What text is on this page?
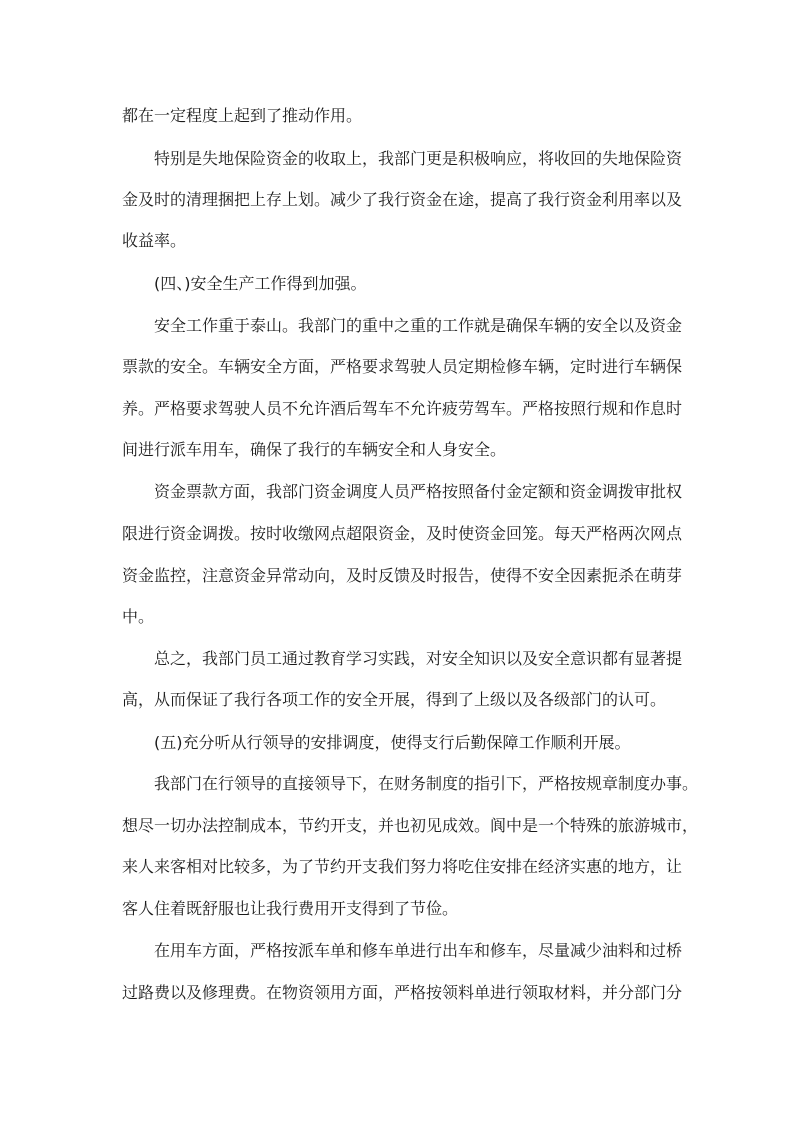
都在一定程度上起到了推动作用。
特别是失地保险资金的收取上，我部门更是积极响应，将收回的失地保险资
金及时的清理捆把上存上划。减少了我行资金在途，提高了我行资金利用率以及
收益率。
(四、)安全生产工作得到加强。
安全工作重于泰山。我部门的重中之重的工作就是确保车辆的安全以及资金
票款的安全。车辆安全方面，严格要求驾驶人员定期检修车辆，定时进行车辆保
养。严格要求驾驶人员不允许酒后驾车不允许疲劳驾车。严格按照行规和作息时
间进行派车用车，确保了我行的车辆安全和人身安全。
资金票款方面，我部门资金调度人员严格按照备付金定额和资金调拨审批权
限进行资金调拨。按时收缴网点超限资金，及时使资金回笼。每天严格两次网点
资金监控，注意资金异常动向，及时反馈及时报告，使得不安全因素扼杀在萌芽
中。
总之，我部门员工通过教育学习实践，对安全知识以及安全意识都有显著提
高，从而保证了我行各项工作的安全开展，得到了上级以及各级部门的认可。
(五)充分听从行领导的安排调度，使得支行后勤保障工作顺利开展。
我部门在行领导的直接领导下，在财务制度的指引下，严格按规章制度办事。
想尽一切办法控制成本，节约开支，并也初见成效。阆中是一个特殊的旅游城市，
来人来客相对比较多，为了节约开支我们努力将吃住安排在经济实惠的地方，让
客人住着既舒服也让我行费用开支得到了节俭。
在用车方面，严格按派车单和修车单进行出车和修车，尽量减少油料和过桥
过路费以及修理费。在物资领用方面，严格按领料单进行领取材料，并分部门分
